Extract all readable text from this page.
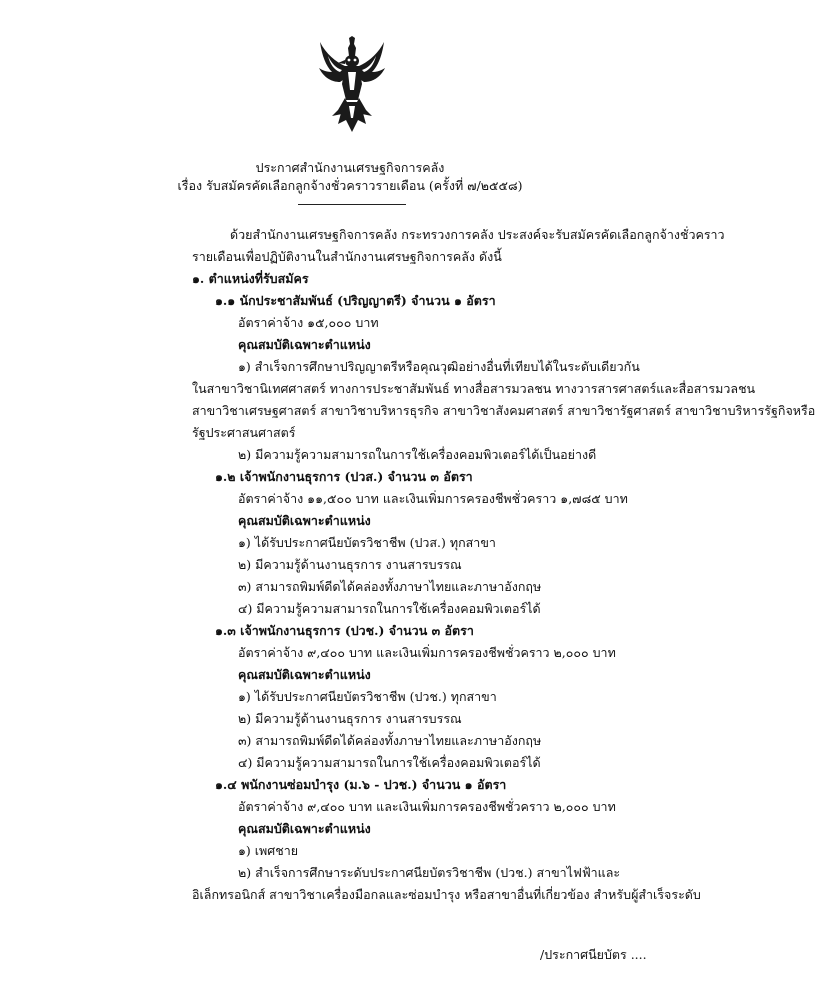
ประกาศสำนักงานเศรษฐกิจการคลัง
เรื่อง รับสมัครคัดเลือกลูกจ้างชั่วคราวรายเดือน (ครั้งที่ ๗/๒๕๕๘)
ด้วยสำนักงานเศรษฐกิจการคลัง กระทรวงการคลัง ประสงค์จะรับสมัครคัดเลือกลูกจ้างชั่วคราว
รายเดือนเพื่อปฏิบัติงานในสำนักงานเศรษฐกิจการคลัง ดังนี้
๑. ตำแหน่งที่รับสมัคร
๑.๑ นักประชาสัมพันธ์ (ปริญญาตรี) จำนวน ๑ อัตรา
อัตราค่าจ้าง ๑๕,๐๐๐ บาท
คุณสมบัติเฉพาะตำแหน่ง
๑) สำเร็จการศึกษาปริญญาตรีหรือคุณวุฒิอย่างอื่นที่เทียบได้ในระดับเดียวกัน
ในสาขาวิชานิเทศศาสตร์ ทางการประชาสัมพันธ์ ทางสื่อสารมวลชน ทางวารสารศาสตร์และสื่อสารมวลชน
สาขาวิชาเศรษฐศาสตร์ สาขาวิชาบริหารธุรกิจ สาขาวิชาสังคมศาสตร์ สาขาวิชารัฐศาสตร์ สาขาวิชาบริหารรัฐกิจหรือ
รัฐประศาสนศาสตร์
๒) มีความรู้ความสามารถในการใช้เครื่องคอมพิวเตอร์ได้เป็นอย่างดี
๑.๒ เจ้าพนักงานธุรการ (ปวส.) จำนวน ๓ อัตรา
อัตราค่าจ้าง ๑๑,๕๐๐ บาท และเงินเพิ่มการครองชีพชั่วคราว ๑,๗๘๕ บาท
คุณสมบัติเฉพาะตำแหน่ง
๑) ได้รับประกาศนียบัตรวิชาชีพ (ปวส.) ทุกสาขา
๒) มีความรู้ด้านงานธุรการ งานสารบรรณ
๓) สามารถพิมพ์ดีดได้คล่องทั้งภาษาไทยและภาษาอังกฤษ
๔) มีความรู้ความสามารถในการใช้เครื่องคอมพิวเตอร์ได้
๑.๓ เจ้าพนักงานธุรการ (ปวช.) จำนวน ๓ อัตรา
อัตราค่าจ้าง ๙,๔๐๐ บาท และเงินเพิ่มการครองชีพชั่วคราว ๒,๐๐๐ บาท
คุณสมบัติเฉพาะตำแหน่ง
๑) ได้รับประกาศนียบัตรวิชาชีพ (ปวช.) ทุกสาขา
๒) มีความรู้ด้านงานธุรการ งานสารบรรณ
๓) สามารถพิมพ์ดีดได้คล่องทั้งภาษาไทยและภาษาอังกฤษ
๔) มีความรู้ความสามารถในการใช้เครื่องคอมพิวเตอร์ได้
๑.๔ พนักงานซ่อมบำรุง (ม.๖ - ปวช.) จำนวน ๑ อัตรา
อัตราค่าจ้าง ๙,๔๐๐ บาท และเงินเพิ่มการครองชีพชั่วคราว ๒,๐๐๐ บาท
คุณสมบัติเฉพาะตำแหน่ง
๑) เพศชาย
๒) สำเร็จการศึกษาระดับประกาศนียบัตรวิชาชีพ (ปวช.) สาขาไฟฟ้าและ
อิเล็กทรอนิกส์ สาขาวิชาเครื่องมือกลและซ่อมบำรุง หรือสาขาอื่นที่เกี่ยวข้อง สำหรับผู้สำเร็จระดับ
/ประกาศนียบัตร ....
